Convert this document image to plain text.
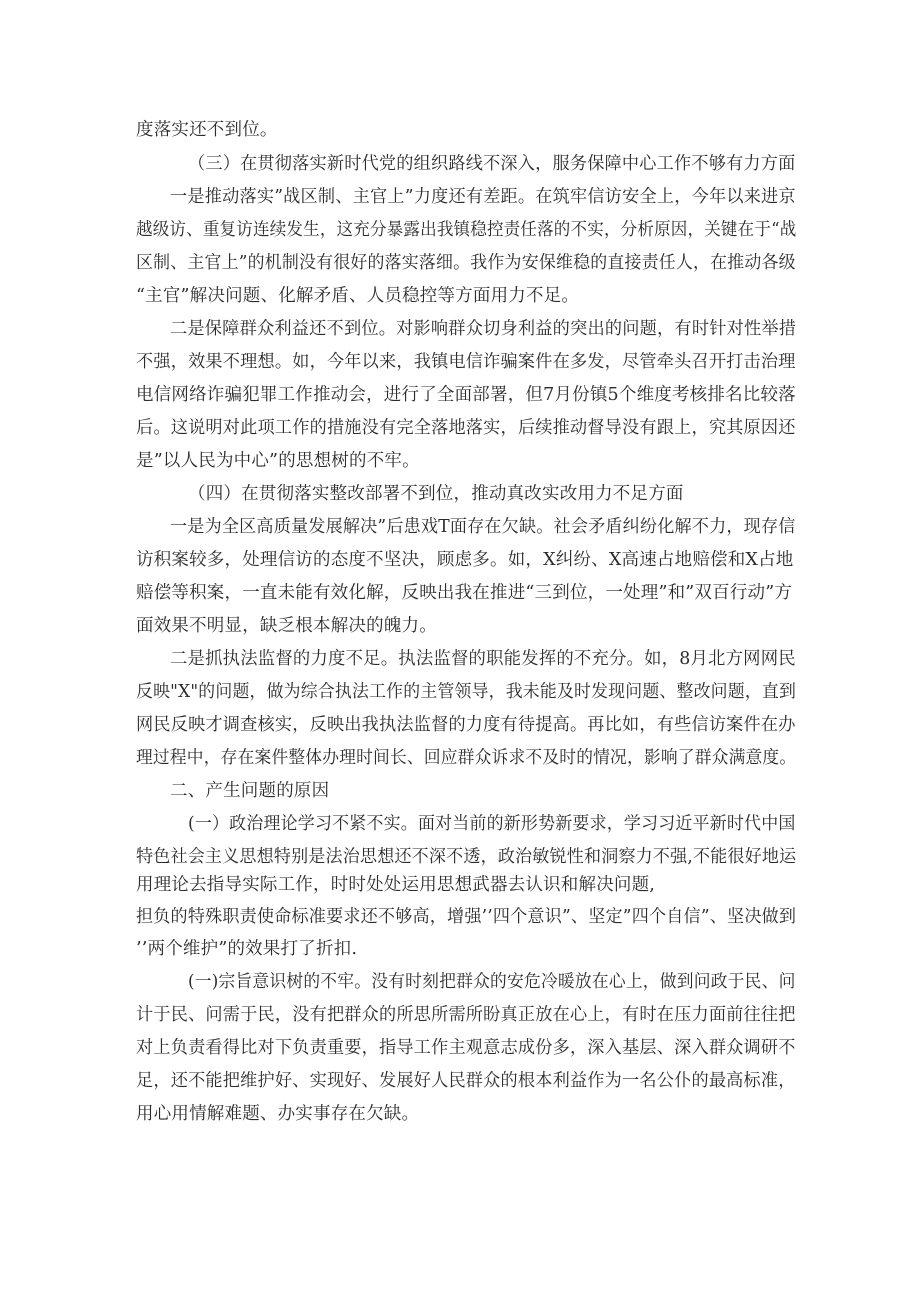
度落实还不到位。
（三）在贯彻落实新时代党的组织路线不深入，服务保障中心工作不够有力方面
一是推动落实”战区制、主官上”力度还有差距。在筑牢信访安全上，今年以来进京
越级访、重复访连续发生，这充分暴露出我镇稳控责任落的不实，分析原因，关键在于“战
区制、主官上”的机制没有很好的落实落细。我作为安保维稳的直接责任人，在推动各级
“主官”解决问题、化解矛盾、人员稳控等方面用力不足。
二是保障群众利益还不到位。对影响群众切身利益的突出的问题，有时针对性举措
不强，效果不理想。如，今年以来，我镇电信诈骗案件在多发，尽管牵头召开打击治理
电信网络诈骗犯罪工作推动会，进行了全面部署，但7月份镇5个维度考核排名比较落
后。这说明对此项工作的措施没有完全落地落实，后续推动督导没有跟上，究其原因还
是”以人民为中心”的思想树的不牢。
（四）在贯彻落实整改部署不到位，推动真改实改用力不足方面
一是为全区高质量发展解决”后患戏T面存在欠缺。社会矛盾纠纷化解不力，现存信
访积案较多，处理信访的态度不坚决，顾虑多。如，X纠纷、X高速占地赔偿和X占地
赔偿等积案，一直未能有效化解，反映出我在推进“三到位，一处理”和”双百行动”方
面效果不明显，缺乏根本解决的魄力。
二是抓执法监督的力度不足。执法监督的职能发挥的不充分。如，8月北方网网民
反映"X"的问题，做为综合执法工作的主管领导，我未能及时发现问题、整改问题，直到
网民反映才调查核实，反映出我执法监督的力度有待提高。再比如，有些信访案件在办
理过程中，存在案件整体办理时间长、回应群众诉求不及时的情况，影响了群众满意度。
二、产生问题的原因
(一）政治理论学习不紧不实。面对当前的新形势新要求，学习习近平新时代中国
特色社会主义思想特别是法治思想还不深不透，政治敏锐性和洞察力不强,不能很好地运
用理论去指导实际工作，时时处处运用思想武器去认识和解决问题,
担负的特殊职责使命标准要求还不够高，增强’’四个意识”、坚定”四个自信”、坚决做到
’’两个维护”的效果打了折扣.
(一)宗旨意识树的不牢。没有时刻把群众的安危冷暖放在心上，做到问政于民、问
计于民、问需于民，没有把群众的所思所需所盼真正放在心上，有时在压力面前往往把
对上负责看得比对下负责重要，指导工作主观意志成份多，深入基层、深入群众调研不
足，还不能把维护好、实现好、发展好人民群众的根本利益作为一名公仆的最高标准，
用心用情解难题、办实事存在欠缺。
